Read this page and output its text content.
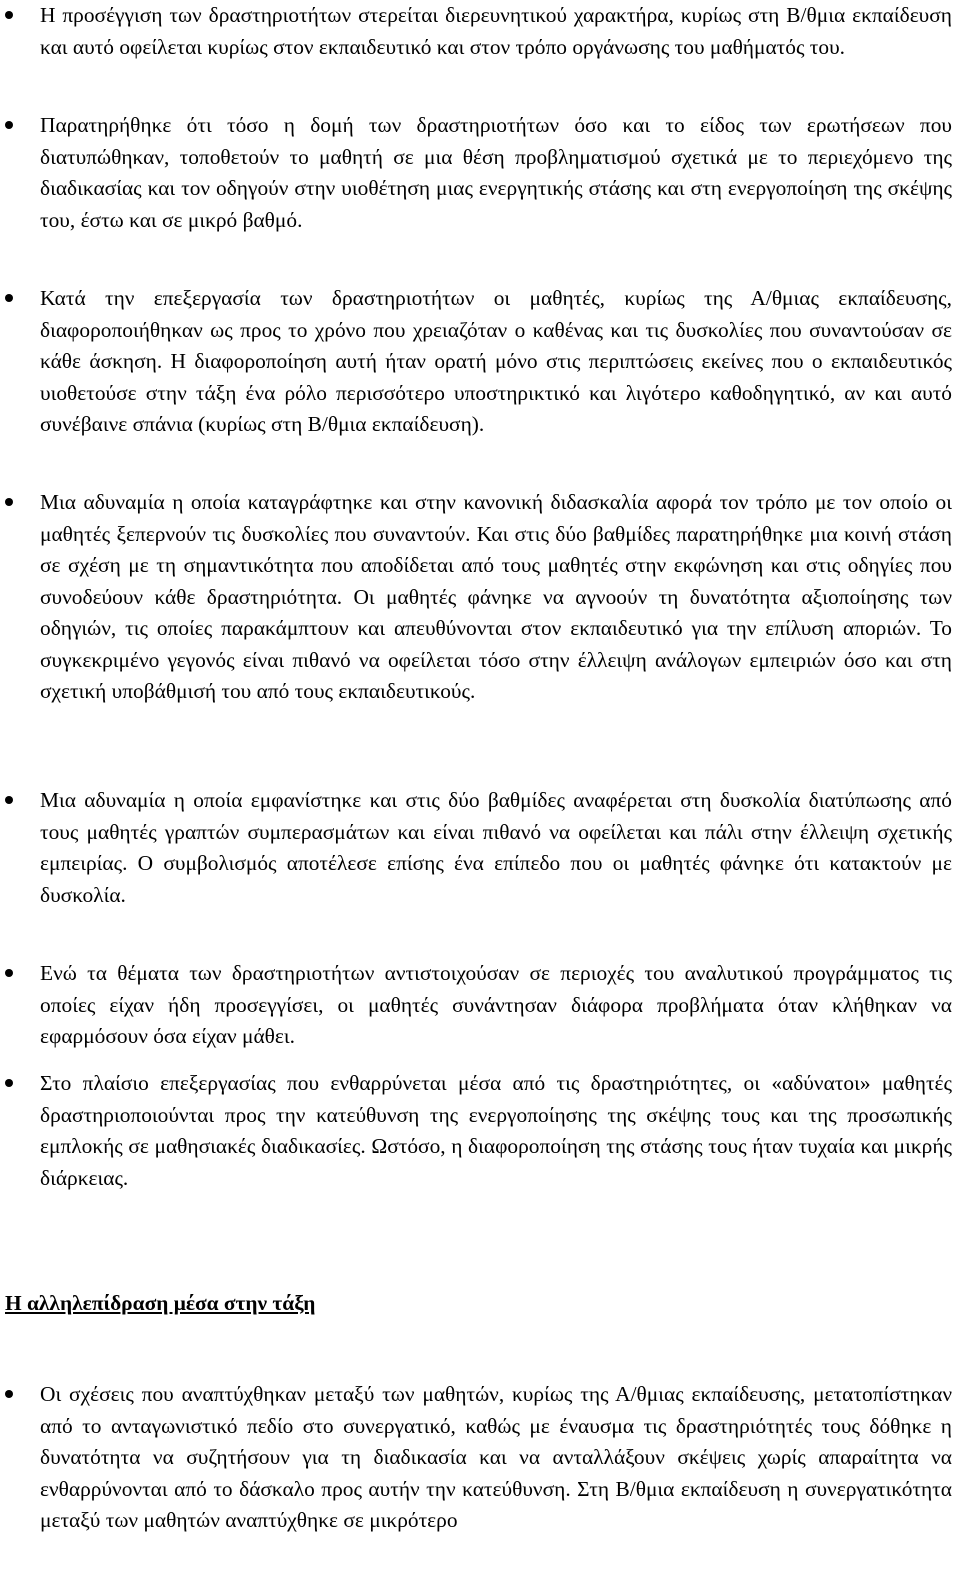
Η προσέγγιση των δραστηριοτήτων στερείται διερευνητικού χαρακτήρα, κυρίως στη Β/θμια εκπαίδευση και αυτό οφείλεται κυρίως στον εκπαιδευτικό και στον τρόπο οργάνωσης του μαθήματός του.
Παρατηρήθηκε ότι τόσο η δομή των δραστηριοτήτων όσο και το είδος των ερωτήσεων που διατυπώθηκαν, τοποθετούν το μαθητή σε μια θέση προβληματισμού σχετικά με το περιεχόμενο της διαδικασίας και τον οδηγούν στην υιοθέτηση μιας ενεργητικής στάσης και στη ενεργοποίηση της σκέψης του, έστω και σε μικρό βαθμό.
Κατά την επεξεργασία των δραστηριοτήτων οι μαθητές, κυρίως της Α/θμιας εκπαίδευσης, διαφοροποιήθηκαν ως προς το χρόνο που χρειαζόταν ο καθένας και τις δυσκολίες που συναντούσαν σε κάθε άσκηση. Η διαφοροποίηση αυτή ήταν ορατή μόνο στις περιπτώσεις εκείνες που ο εκπαιδευτικός υιοθετούσε στην τάξη ένα ρόλο περισσότερο υποστηρικτικό και λιγότερο καθοδηγητικό, αν και αυτό συνέβαινε σπάνια (κυρίως στη Β/θμια εκπαίδευση).
Μια αδυναμία η οποία καταγράφτηκε και στην κανονική διδασκαλία αφορά τον τρόπο με τον οποίο οι μαθητές ξεπερνούν τις δυσκολίες που συναντούν. Και στις δύο βαθμίδες παρατηρήθηκε μια κοινή στάση σε σχέση με τη σημαντικότητα που αποδίδεται από τους μαθητές στην εκφώνηση και στις οδηγίες που συνοδεύουν κάθε δραστηριότητα. Οι μαθητές φάνηκε να αγνοούν τη δυνατότητα αξιοποίησης των οδηγιών, τις οποίες παρακάμπτουν και απευθύνονται στον εκπαιδευτικό για την επίλυση αποριών. Το συγκεκριμένο γεγονός είναι πιθανό να οφείλεται τόσο στην έλλειψη ανάλογων εμπειριών όσο και στη σχετική υποβάθμισή του από τους εκπαιδευτικούς.
Μια αδυναμία η οποία εμφανίστηκε και στις δύο βαθμίδες αναφέρεται στη δυσκολία διατύπωσης από τους μαθητές γραπτών συμπερασμάτων και είναι πιθανό να οφείλεται και πάλι στην έλλειψη σχετικής εμπειρίας. Ο συμβολισμός αποτέλεσε επίσης ένα επίπεδο που οι μαθητές φάνηκε ότι κατακτούν με δυσκολία.
Ενώ τα θέματα των δραστηριοτήτων αντιστοιχούσαν σε περιοχές του αναλυτικού προγράμματος τις οποίες είχαν ήδη προσεγγίσει, οι μαθητές συνάντησαν διάφορα προβλήματα όταν κλήθηκαν να εφαρμόσουν όσα είχαν μάθει.
Στο πλαίσιο επεξεργασίας που ενθαρρύνεται μέσα από τις δραστηριότητες, οι «αδύνατοι» μαθητές δραστηριοποιούνται προς την κατεύθυνση της ενεργοποίησης της σκέψης τους και της προσωπικής εμπλοκής σε μαθησιακές διαδικασίες. Ωστόσο, η διαφοροποίηση της στάσης τους ήταν τυχαία και μικρής διάρκειας.
Η αλληλεπίδραση μέσα στην τάξη
Οι σχέσεις που αναπτύχθηκαν μεταξύ των μαθητών, κυρίως της Α/θμιας εκπαίδευσης, μετατοπίστηκαν από το ανταγωνιστικό πεδίο στο συνεργατικό, καθώς με έναυσμα τις δραστηριότητές τους δόθηκε η δυνατότητα να συζητήσουν για τη διαδικασία και να ανταλλάξουν σκέψεις χωρίς απαραίτητα να ενθαρρύνονται από το δάσκαλο προς αυτήν την κατεύθυνση. Στη Β/θμια εκπαίδευση η συνεργατικότητα μεταξύ των μαθητών αναπτύχθηκε σε μικρότερο
